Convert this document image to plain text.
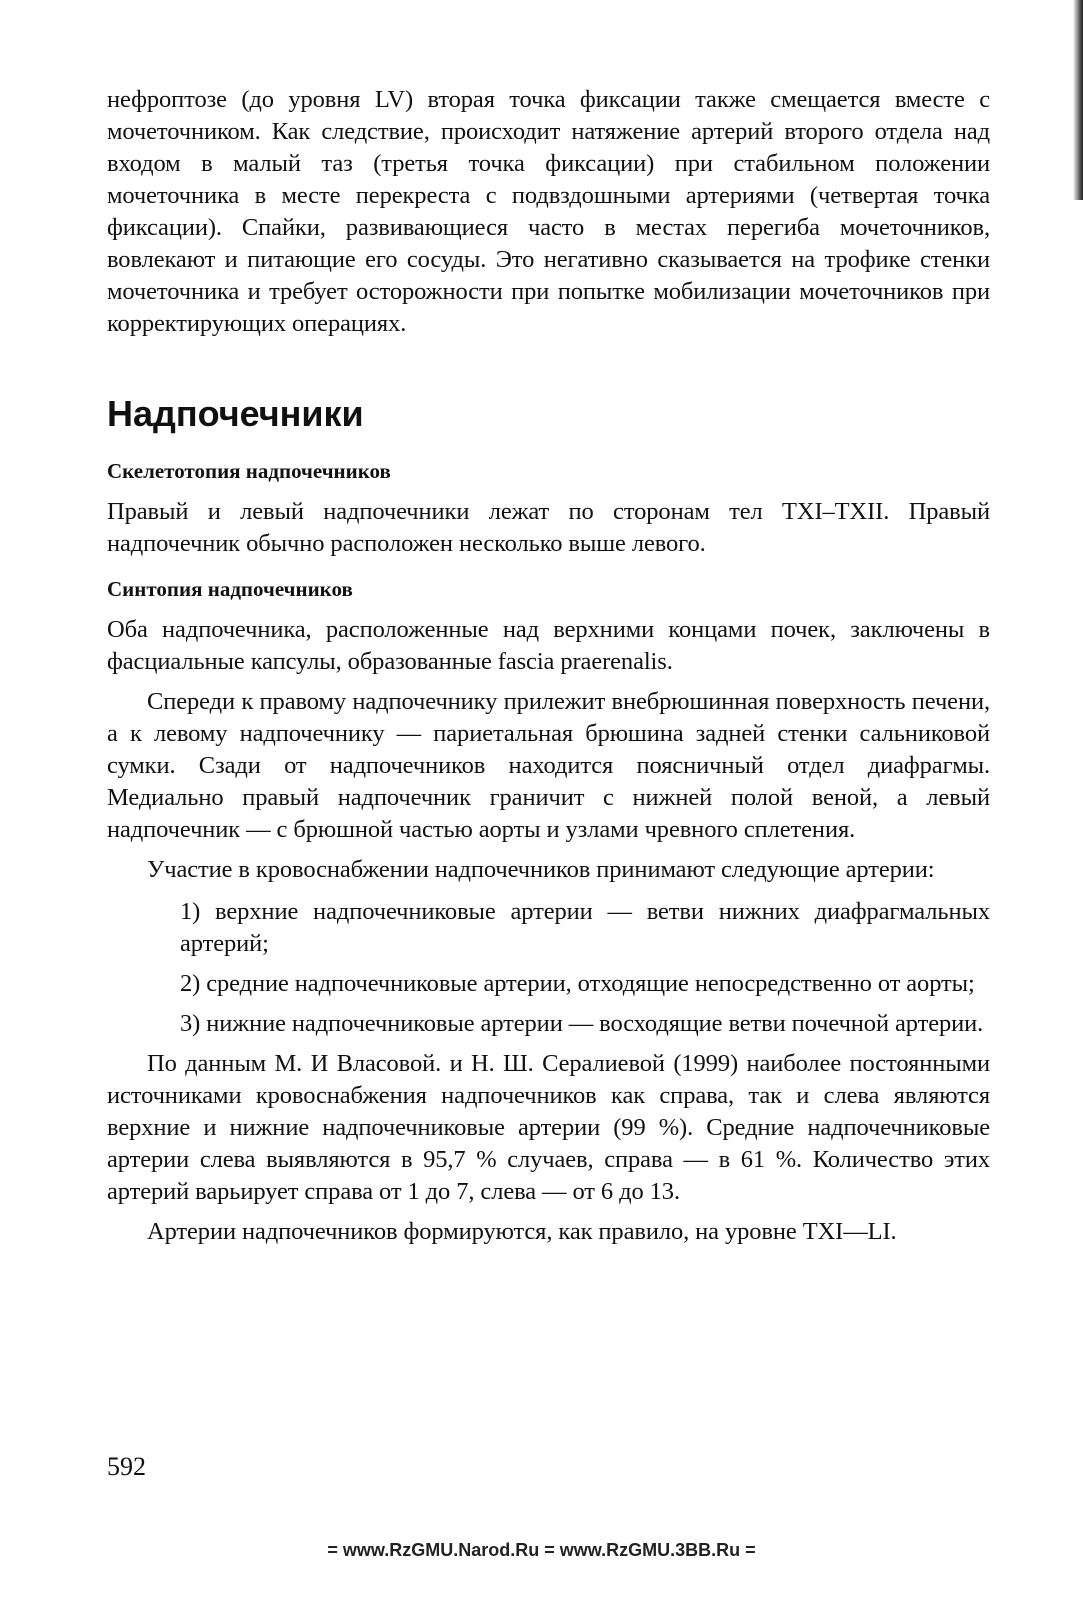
нефроптозе (до уровня LV) вторая точка фиксации также смещается вместе с мочеточником. Как следствие, происходит натяжение артерий второго отдела над входом в малый таз (третья точка фиксации) при стабильном положении мочеточника в месте перекреста с подвздошными артериями (четвертая точка фиксации). Спайки, развивающиеся часто в местах перегиба мочеточников, вовлекают и питающие его сосуды. Это негативно сказывается на трофике стенки мочеточника и требует осторожности при попытке мобилизации мочеточников при корректирующих операциях.

Надпочечники
Скелетотопия надпочечников

Правый и левый надпочечники лежат по сторонам тел TXI–TXII. Правый надпочечник обычно расположен несколько выше левого.

Синтопия надпочечников

Оба надпочечника, расположенные над верхними концами почек, заключены в фасциальные капсулы, образованные fascia praerenalis.

Спереди к правому надпочечнику прилежит внебрюшинная поверхность печени, а к левому надпочечнику — париетальная брюшина задней стенки сальниковой сумки. Сзади от надпочечников находится поясничный отдел диафрагмы. Медиально правый надпочечник граничит с нижней полой веной, а левый надпочечник — с брюшной частью аорты и узлами чревного сплетения.

Участие в кровоснабжении надпочечников принимают следующие артерии:

1) верхние надпочечниковые артерии — ветви нижних диафрагмальных артерий;

2) средние надпочечниковые артерии, отходящие непосредственно от аорты;

3) нижние надпочечниковые артерии — восходящие ветви почечной артерии.

По данным М. И Власовой. и Н. Ш. Сералиевой (1999) наиболее постоянными источниками кровоснабжения надпочечников как справа, так и слева являются верхние и нижние надпочечниковые артерии (99 %). Средние надпочечниковые артерии слева выявляются в 95,7 % случаев, справа — в 61 %. Количество этих артерий варьирует справа от 1 до 7, слева — от 6 до 13.

Артерии надпочечников формируются, как правило, на уровне TXI—LI.

592
= www.RzGMU.Narod.Ru = www.RzGMU.3BB.Ru =
